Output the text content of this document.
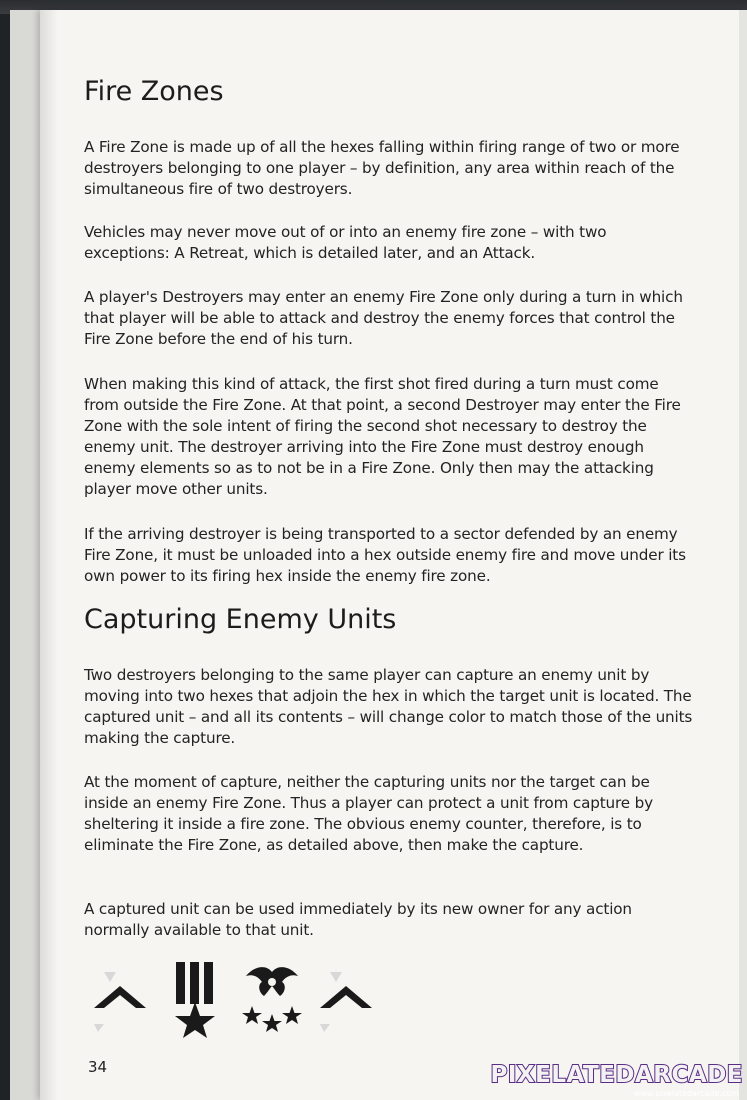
Fire Zones

A Fire Zone is made up of all the hexes falling within firing range of two or more destroyers belonging to one player – by definition, any area within reach of the simultaneous fire of two destroyers.

Vehicles may never move out of or into an enemy fire zone – with two exceptions: A Retreat, which is detailed later, and an Attack.

A player's Destroyers may enter an enemy Fire Zone only during a turn in which that player will be able to attack and destroy the enemy forces that control the Fire Zone before the end of his turn.

When making this kind of attack, the first shot fired during a turn must come from outside the Fire Zone. At that point, a second Destroyer may enter the Fire Zone with the sole intent of firing the second shot necessary to destroy the enemy unit. The destroyer arriving into the Fire Zone must destroy enough enemy elements so as to not be in a Fire Zone. Only then may the attacking player move other units.

If the arriving destroyer is being transported to a sector defended by an enemy Fire Zone, it must be unloaded into a hex outside enemy fire and move under its own power to its firing hex inside the enemy fire zone.

Capturing Enemy Units

Two destroyers belonging to the same player can capture an enemy unit by moving into two hexes that adjoin the hex in which the target unit is located. The captured unit – and all its contents – will change color to match those of the units making the capture.

At the moment of capture, neither the capturing units nor the target can be inside an enemy Fire Zone. Thus a player can protect a unit from capture by sheltering it inside a fire zone. The obvious enemy counter, therefore, is to eliminate the Fire Zone, as detailed above, then make the capture.

A captured unit can be used immediately by its new owner for any action normally available to that unit.

34	PIXELATEDARCADE
www.pixelatedarcade.com
